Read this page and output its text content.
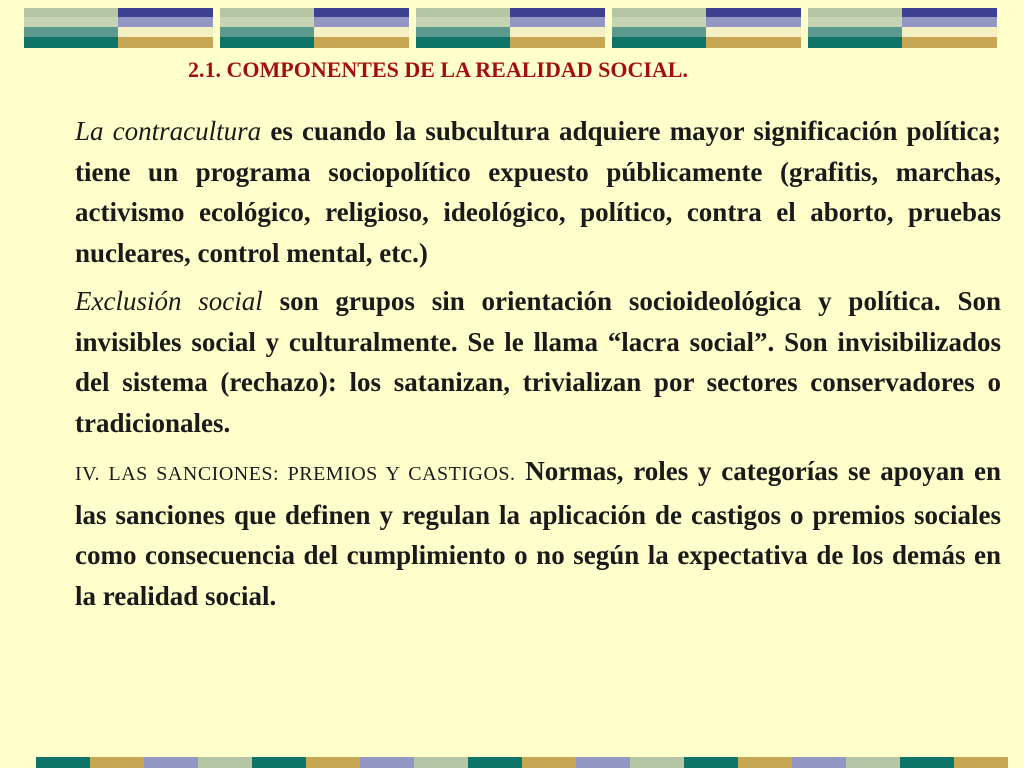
2.1. COMPONENTES DE LA REALIDAD SOCIAL.

La contracultura es cuando la subcultura adquiere mayor significación política; tiene un programa sociopolítico expuesto públicamente (grafitis, marchas, activismo ecológico, religioso, ideológico, político, contra el aborto, pruebas nucleares, control mental, etc.)

Exclusión social son grupos sin orientación socioideológica y política. Son invisibles social y culturalmente. Se le llama “lacra social”. Son invisibilizados del sistema (rechazo): los satanizan, trivializan por sectores conservadores o tradicionales.

IV. LAS SANCIONES: PREMIOS Y CASTIGOS. Normas, roles y categorías se apoyan en las sanciones que definen y regulan la aplicación de castigos o premios sociales como consecuencia del cumplimiento o no según la expectativa de los demás en la realidad social.
